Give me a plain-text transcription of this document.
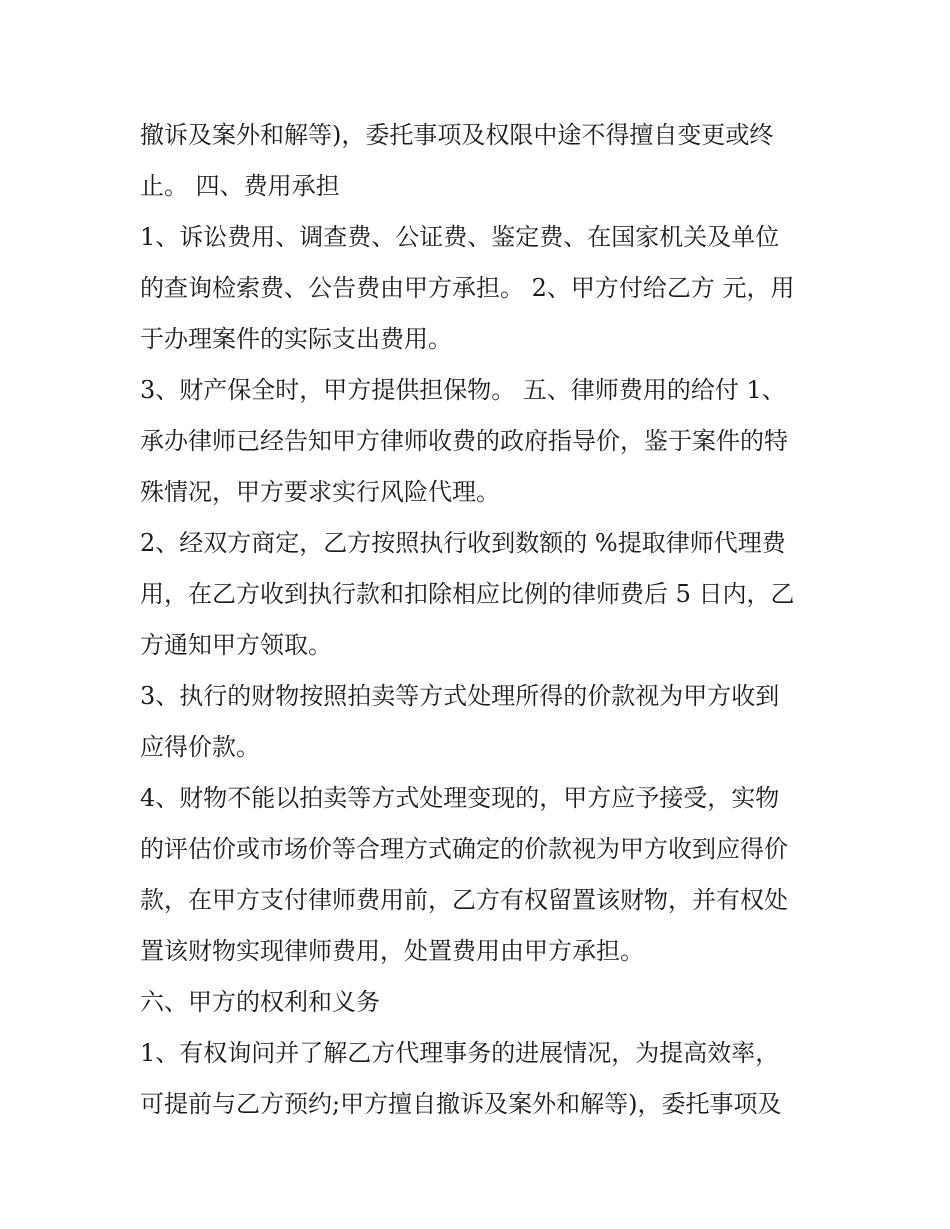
撤诉及案外和解等)，委托事项及权限中途不得擅自变更或终
止。 四、费用承担
1、诉讼费用、调查费、公证费、鉴定费、在国家机关及单位
的查询检索费、公告费由甲方承担。 2、甲方付给乙方 元，用
于办理案件的实际支出费用。
3、财产保全时，甲方提供担保物。 五、律师费用的给付 1、
承办律师已经告知甲方律师收费的政府指导价，鉴于案件的特
殊情况，甲方要求实行风险代理。
2、经双方商定，乙方按照执行收到数额的 %提取律师代理费
用，在乙方收到执行款和扣除相应比例的律师费后 5 日内，乙
方通知甲方领取。
3、执行的财物按照拍卖等方式处理所得的价款视为甲方收到
应得价款。
4、财物不能以拍卖等方式处理变现的，甲方应予接受，实物
的评估价或市场价等合理方式确定的价款视为甲方收到应得价
款，在甲方支付律师费用前，乙方有权留置该财物，并有权处
置该财物实现律师费用，处置费用由甲方承担。
六、甲方的权利和义务
1、有权询问并了解乙方代理事务的进展情况，为提高效率，
可提前与乙方预约;甲方擅自撤诉及案外和解等)，委托事项及
